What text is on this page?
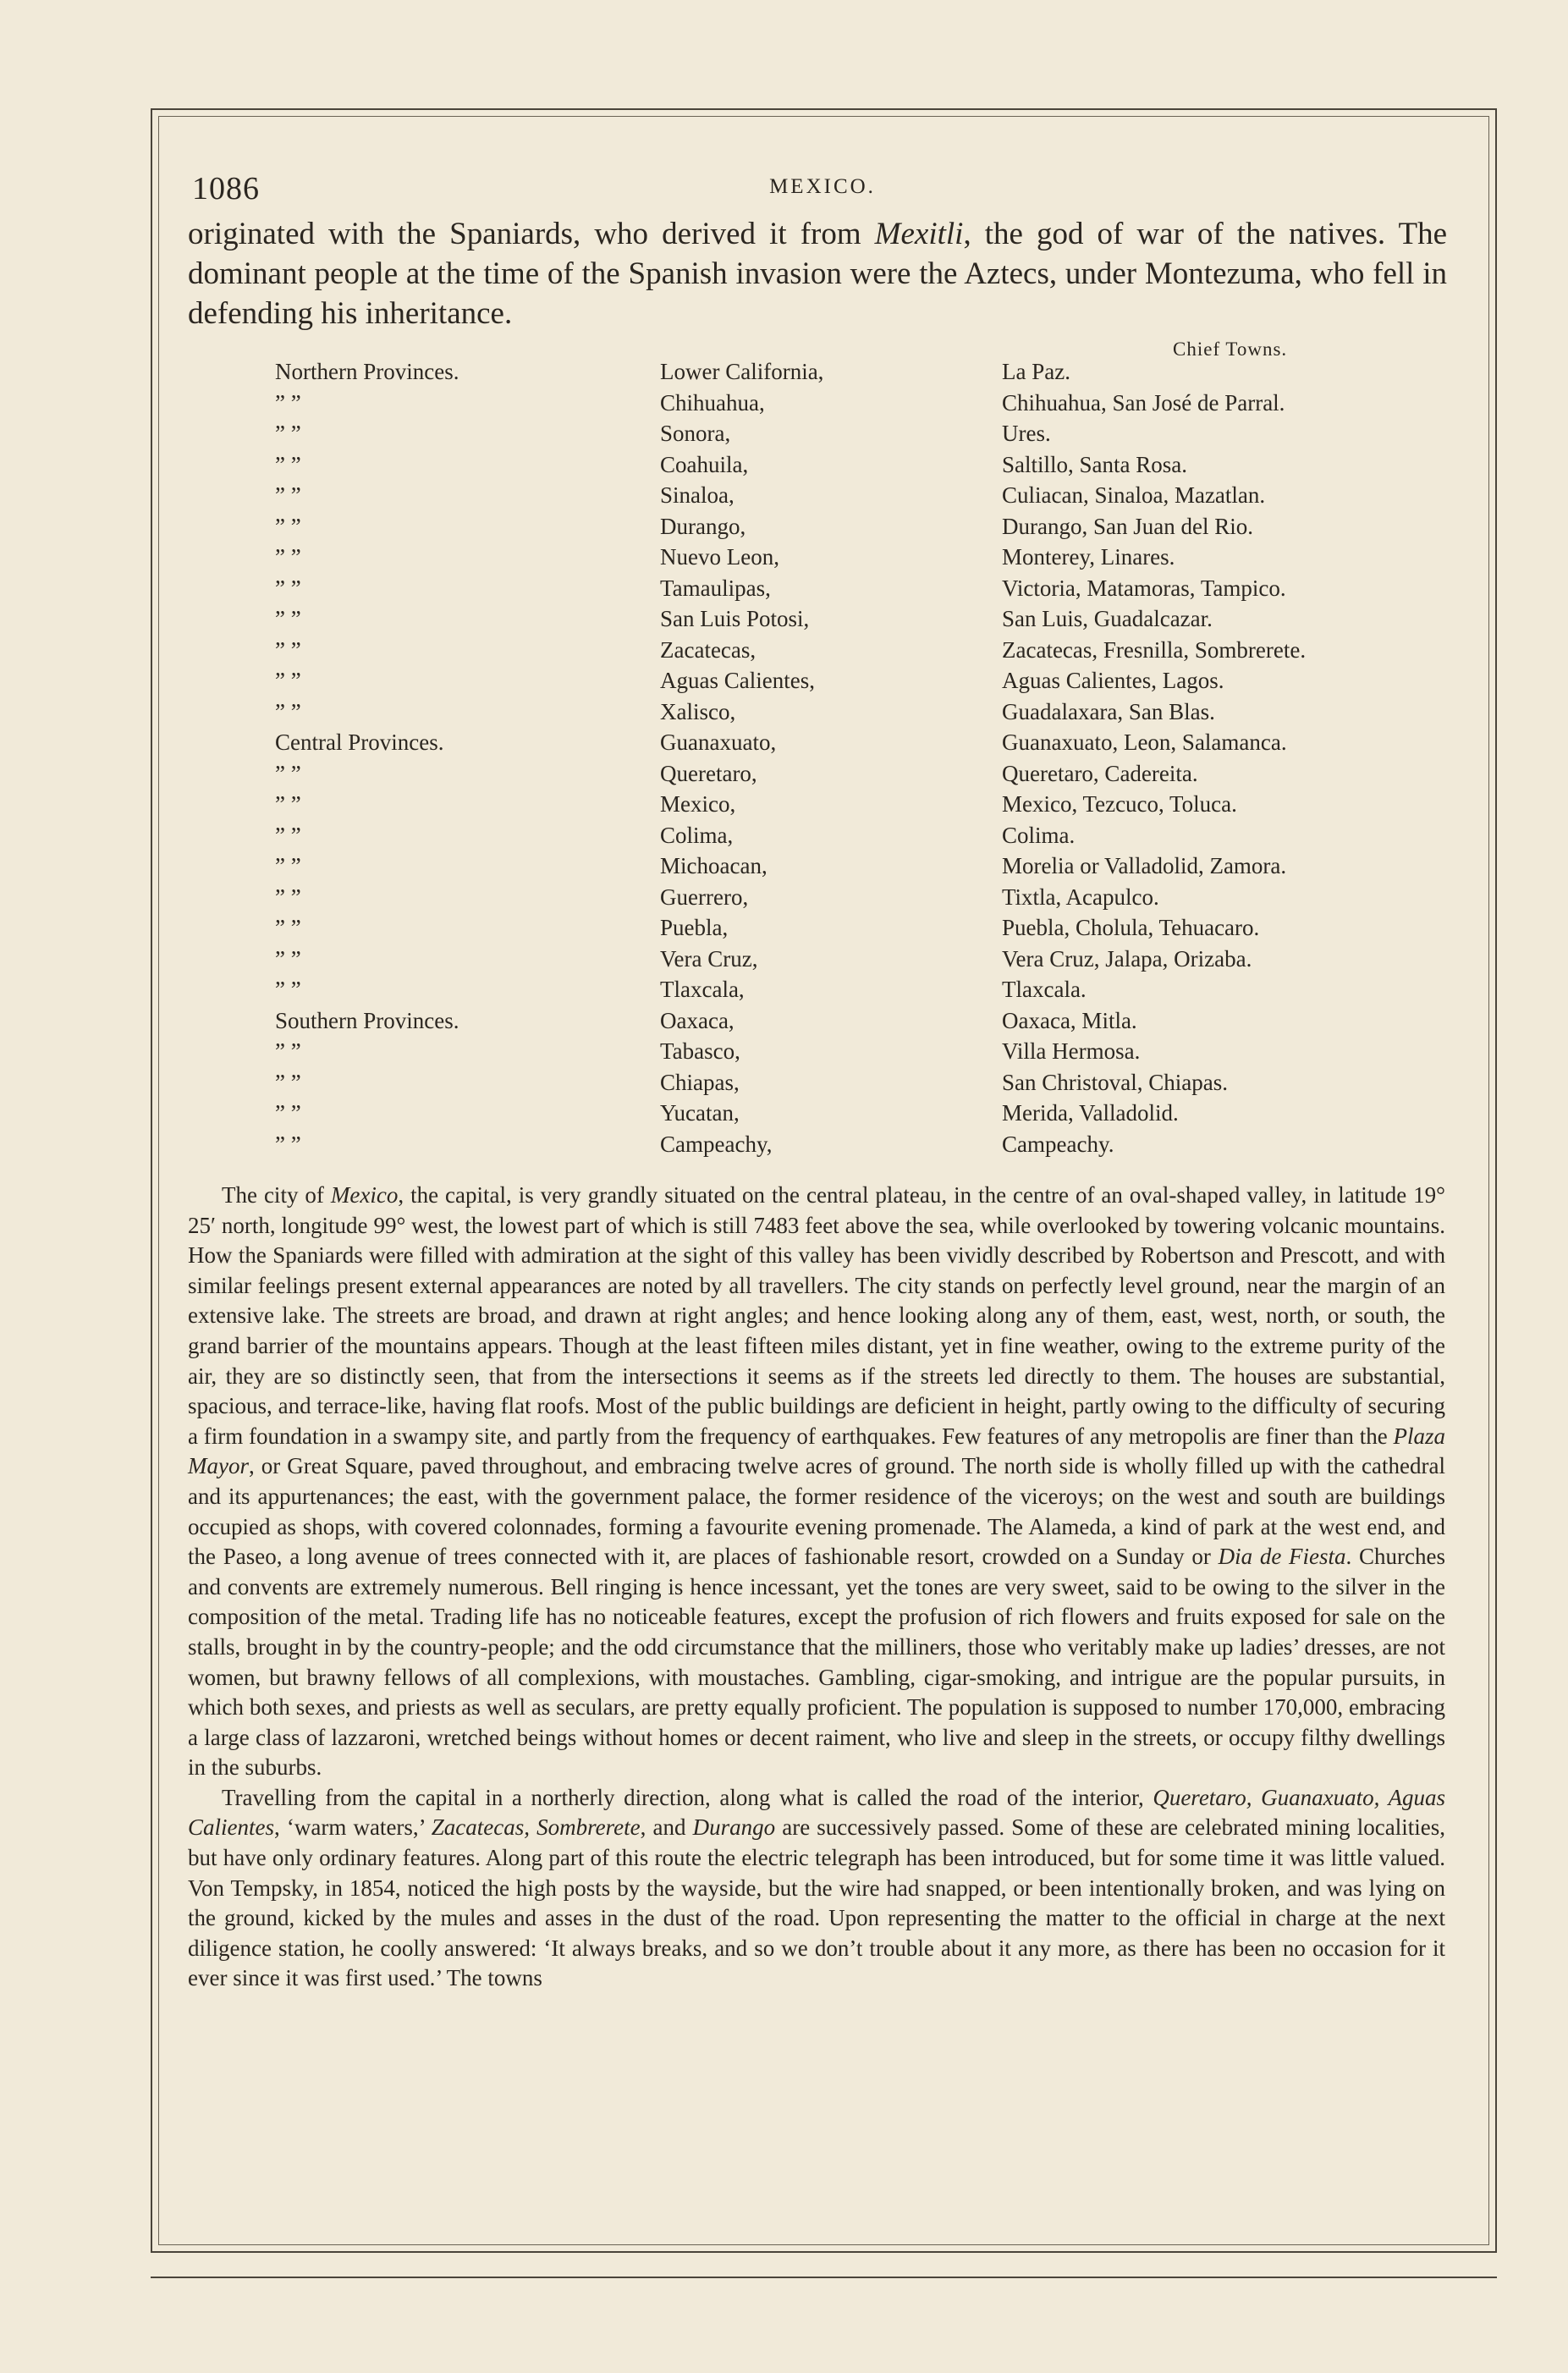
1086	MEXICO.
originated with the Spaniards, who derived it from Mexitli, the god of war of the natives. The dominant people at the time of the Spanish invasion were the Aztecs, under Montezuma, who fell in defending his inheritance.
Chief Towns.
Northern Provinces.	Lower California,	La Paz.
” ”	Chihuahua,	Chihuahua, San José de Parral.
” ”	Sonora,	Ures.
” ”	Coahuila,	Saltillo, Santa Rosa.
” ”	Sinaloa,	Culiacan, Sinaloa, Mazatlan.
” ”	Durango,	Durango, San Juan del Rio.
” ”	Nuevo Leon,	Monterey, Linares.
” ”	Tamaulipas,	Victoria, Matamoras, Tampico.
” ”	San Luis Potosi,	San Luis, Guadalcazar.
” ”	Zacatecas,	Zacatecas, Fresnilla, Sombrerete.
” ”	Aguas Calientes,	Aguas Calientes, Lagos.
” ”	Xalisco,	Guadalaxara, San Blas.
Central Provinces.	Guanaxuato,	Guanaxuato, Leon, Salamanca.
” ”	Queretaro,	Queretaro, Cadereita.
” ”	Mexico,	Mexico, Tezcuco, Toluca.
” ”	Colima,	Colima.
” ”	Michoacan,	Morelia or Valladolid, Zamora.
” ”	Guerrero,	Tixtla, Acapulco.
” ”	Puebla,	Puebla, Cholula, Tehuacaro.
” ”	Vera Cruz,	Vera Cruz, Jalapa, Orizaba.
” ”	Tlaxcala,	Tlaxcala.
Southern Provinces.	Oaxaca,	Oaxaca, Mitla.
” ”	Tabasco,	Villa Hermosa.
” ”	Chiapas,	San Christoval, Chiapas.
” ”	Yucatan,	Merida, Valladolid.
” ”	Campeachy,	Campeachy.

The city of Mexico, the capital, is very grandly situated on the central plateau, in the centre of an oval-shaped valley, in latitude 19° 25′ north, longitude 99° west, the lowest part of which is still 7483 feet above the sea, while overlooked by towering volcanic mountains. How the Spaniards were filled with admiration at the sight of this valley has been vividly described by Robertson and Prescott, and with similar feelings present external appearances are noted by all travellers. The city stands on perfectly level ground, near the margin of an extensive lake. The streets are broad, and drawn at right angles; and hence looking along any of them, east, west, north, or south, the grand barrier of the mountains appears. Though at the least fifteen miles distant, yet in fine weather, owing to the extreme purity of the air, they are so distinctly seen, that from the intersections it seems as if the streets led directly to them. The houses are substantial, spacious, and terrace-like, having flat roofs. Most of the public buildings are deficient in height, partly owing to the difficulty of securing a firm foundation in a swampy site, and partly from the frequency of earthquakes. Few features of any metropolis are finer than the Plaza Mayor, or Great Square, paved throughout, and embracing twelve acres of ground. The north side is wholly filled up with the cathedral and its appurtenances; the east, with the government palace, the former residence of the viceroys; on the west and south are buildings occupied as shops, with covered colonnades, forming a favourite evening promenade. The Alameda, a kind of park at the west end, and the Paseo, a long avenue of trees connected with it, are places of fashionable resort, crowded on a Sunday or Dia de Fiesta. Churches and convents are extremely numerous. Bell ringing is hence incessant, yet the tones are very sweet, said to be owing to the silver in the composition of the metal. Trading life has no noticeable features, except the profusion of rich flowers and fruits exposed for sale on the stalls, brought in by the country-people; and the odd circumstance that the milliners, those who veritably make up ladies’ dresses, are not women, but brawny fellows of all complexions, with moustaches. Gambling, cigar-smoking, and intrigue are the popular pursuits, in which both sexes, and priests as well as seculars, are pretty equally proficient. The population is supposed to number 170,000, embracing a large class of lazzaroni, wretched beings without homes or decent raiment, who live and sleep in the streets, or occupy filthy dwellings in the suburbs.

Travelling from the capital in a northerly direction, along what is called the road of the interior, Queretaro, Guanaxuato, Aguas Calientes, ‘warm waters,’ Zacatecas, Sombrerete, and Durango are successively passed. Some of these are celebrated mining localities, but have only ordinary features. Along part of this route the electric telegraph has been introduced, but for some time it was little valued. Von Tempsky, in 1854, noticed the high posts by the wayside, but the wire had snapped, or been intentionally broken, and was lying on the ground, kicked by the mules and asses in the dust of the road. Upon representing the matter to the official in charge at the next diligence station, he coolly answered: ‘It always breaks, and so we don’t trouble about it any more, as there has been no occasion for it ever since it was first used.’ The towns
